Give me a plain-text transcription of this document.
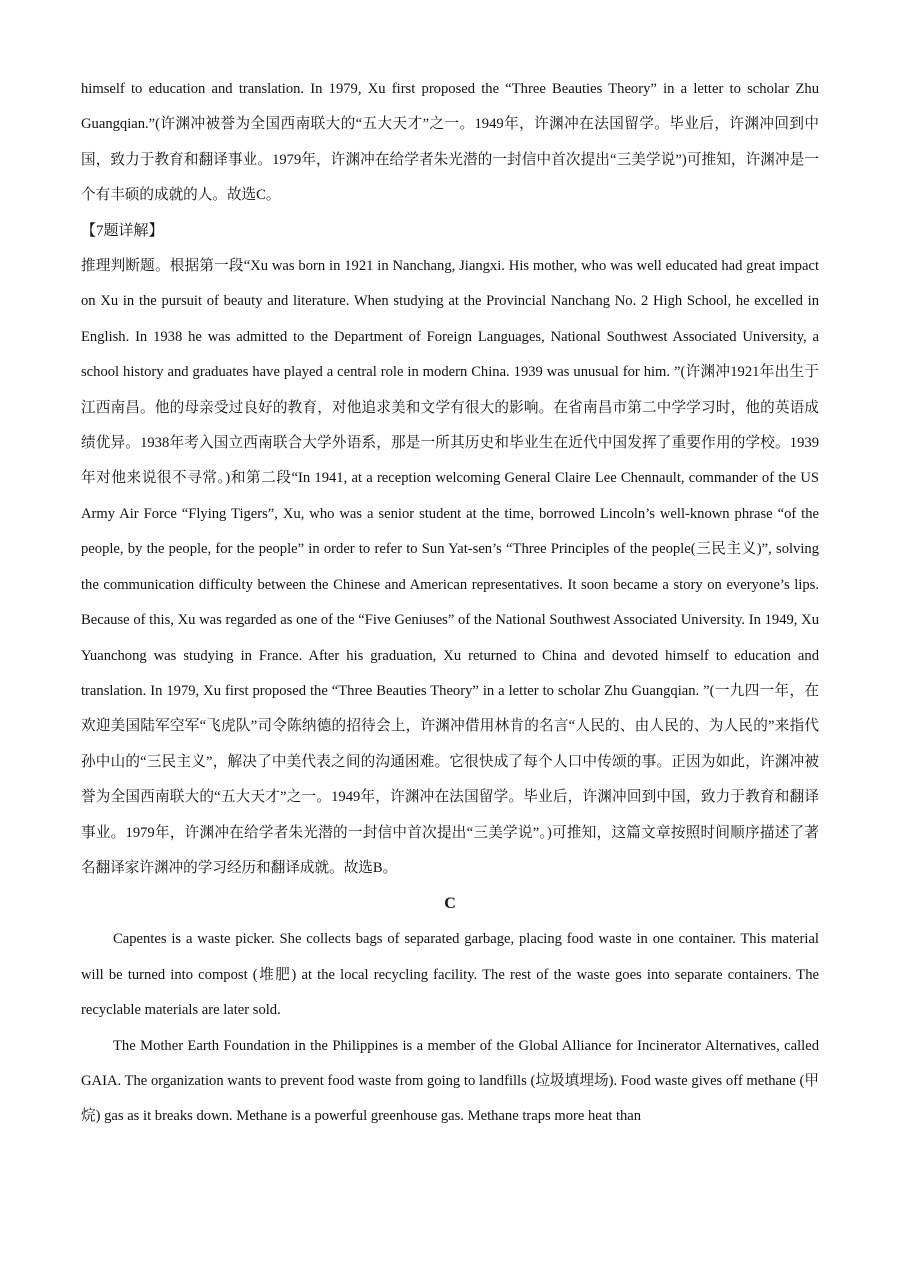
himself to education and translation. In 1979, Xu first proposed the “Three Beauties Theory” in a letter to scholar Zhu Guangqian.”(许渊冲被誉为全国西南联大的“五大天才”之一。1949年，许渊冲在法国留学。毕业后，许渊冲回到中国，致力于教育和翻译事业。1979年，许渊冲在给学者朱光潜的一封信中首次提出“三美学说”)可推知，许渊冲是一个有丰硕的成就的人。故选C。

【7题详解】

推理判断题。根据第一段“Xu was born in 1921 in Nanchang, Jiangxi. His mother, who was well educated had great impact on Xu in the pursuit of beauty and literature. When studying at the Provincial Nanchang No. 2 High School, he excelled in English. In 1938 he was admitted to the Department of Foreign Languages, National Southwest Associated University, a school history and graduates have played a central role in modern China. 1939 was unusual for him. ”(许渊冲1921年出生于江西南昌。他的母亲受过良好的教育，对他追求美和文学有很大的影响。在省南昌市第二中学学习时，他的英语成绩优异。1938年考入国立西南联合大学外语系，那是一所其历史和毕业生在近代中国发挥了重要作用的学校。1939年对他来说很不寻常。)和第二段“In 1941, at a reception welcoming General Claire Lee Chennault, commander of the US Army Air Force “Flying Tigers”, Xu, who was a senior student at the time, borrowed Lincoln’s well-known phrase “of the people, by the people, for the people” in order to refer to Sun Yat-sen’s “Three Principles of the people(三民主义)”, solving the communication difficulty between the Chinese and American representatives. It soon became a story on everyone’s lips. Because of this, Xu was regarded as one of the “Five Geniuses” of the National Southwest Associated University. In 1949, Xu Yuanchong was studying in France. After his graduation, Xu returned to China and devoted himself to education and translation. In 1979, Xu first proposed the “Three Beauties Theory” in a letter to scholar Zhu Guangqian. ”(一九四一年，在欢迎美国陆军空军“飞虎队”司令陈纳德的招待会上，许渊冲借用林肯的名言“人民的、由人民的、为人民的”来指代孙中山的“三民主义”，解决了中美代表之间的沟通困难。它很快成了每个人口中传颂的事。正因为如此，许渊冲被誉为全国西南联大的“五大天才”之一。1949年，许渊冲在法国留学。毕业后，许渊冲回到中国，致力于教育和翻译事业。1979年，许渊冲在给学者朱光潜的一封信中首次提出“三美学说”。)可推知，这篇文章按照时间顺序描述了著名翻译家许渊冲的学习经历和翻译成就。故选B。

C

Capentes is a waste picker. She collects bags of separated garbage, placing food waste in one container. This material will be turned into compost (堆肥) at the local recycling facility. The rest of the waste goes into separate containers. The recyclable materials are later sold.

The Mother Earth Foundation in the Philippines is a member of the Global Alliance for Incinerator Alternatives, called GAIA. The organization wants to prevent food waste from going to landfills (垃圾填埋场). Food waste gives off methane (甲烷) gas as it breaks down. Methane is a powerful greenhouse gas. Methane traps more heat than
